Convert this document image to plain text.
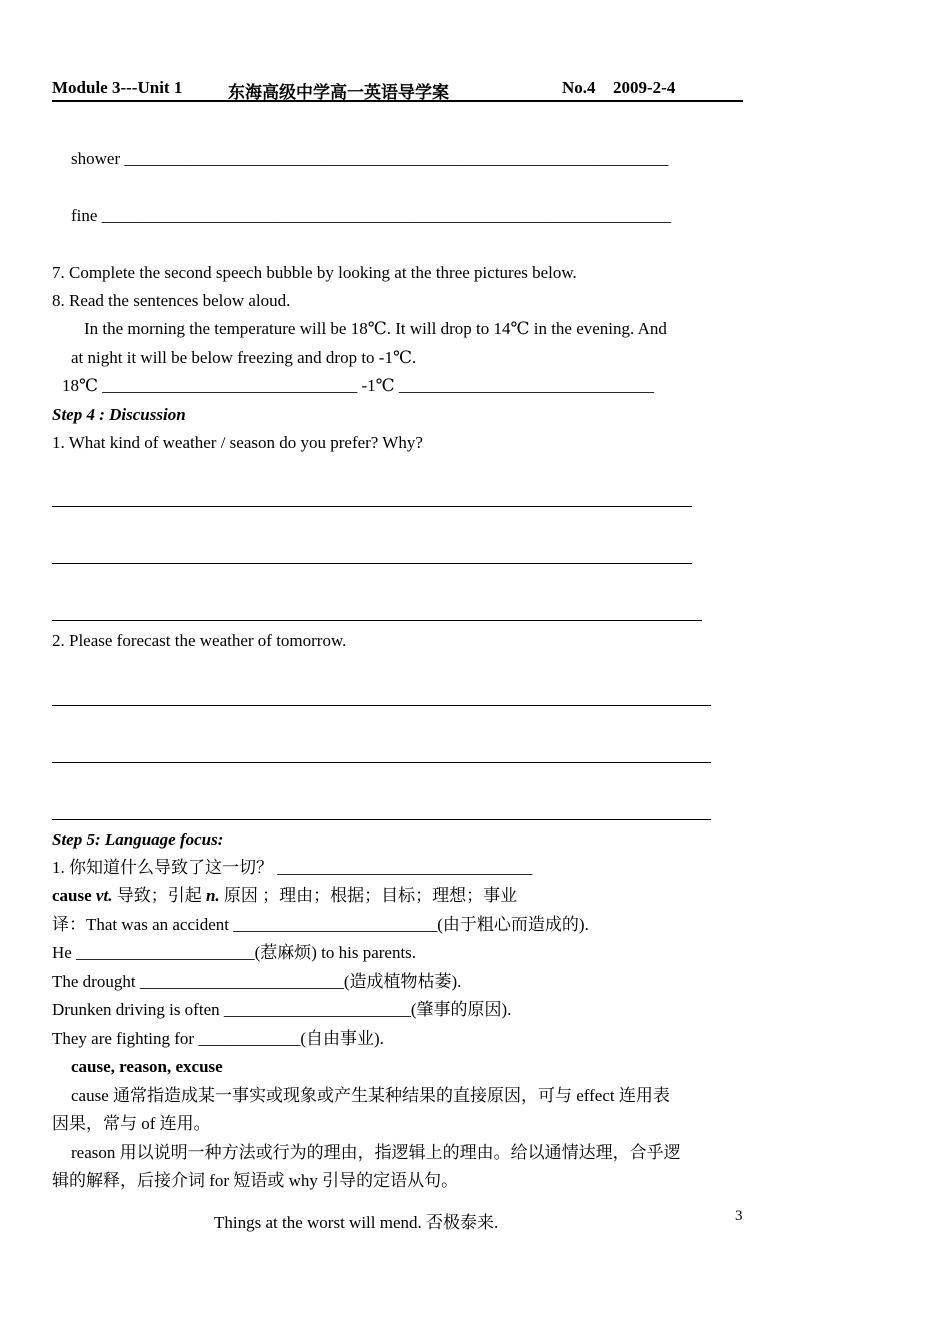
Module 3---Unit 1	东海高级中学高一英语导学案	No.4 2009-2-4
shower ________________________________________________________________
fine ___________________________________________________________________
7. Complete the second speech bubble by looking at the three pictures below.
8. Read the sentences below aloud.
In the morning the temperature will be 18℃. It will drop to 14℃ in the evening. And
at night it will be below freezing and drop to -1℃.
18℃ ______________________________ -1℃ ______________________________
Step 4 : Discussion
1. What kind of weather / season do you prefer? Why?
2. Please forecast the weather of tomorrow.
Step 5: Language focus:
1. 你知道什么导致了这一切？ ______________________________
cause vt. 导致；引起 n. 原因 ；理由；根据；目标；理想；事业
译：That was an accident ________________________(由于粗心而造成的).
He _____________________(惹麻烦) to his parents.
The drought ________________________(造成植物枯萎).
Drunken driving is often ______________________(肇事的原因).
They are fighting for ____________(自由事业).
cause, reason, excuse
cause 通常指造成某一事实或现象或产生某种结果的直接原因，可与 effect 连用表
因果，常与 of 连用。
reason 用以说明一种方法或行为的理由，指逻辑上的理由。给以通情达理，合乎逻
辑的解释，后接介词 for 短语或 why 引导的定语从句。
Things at the worst will mend. 否极泰来.	3
